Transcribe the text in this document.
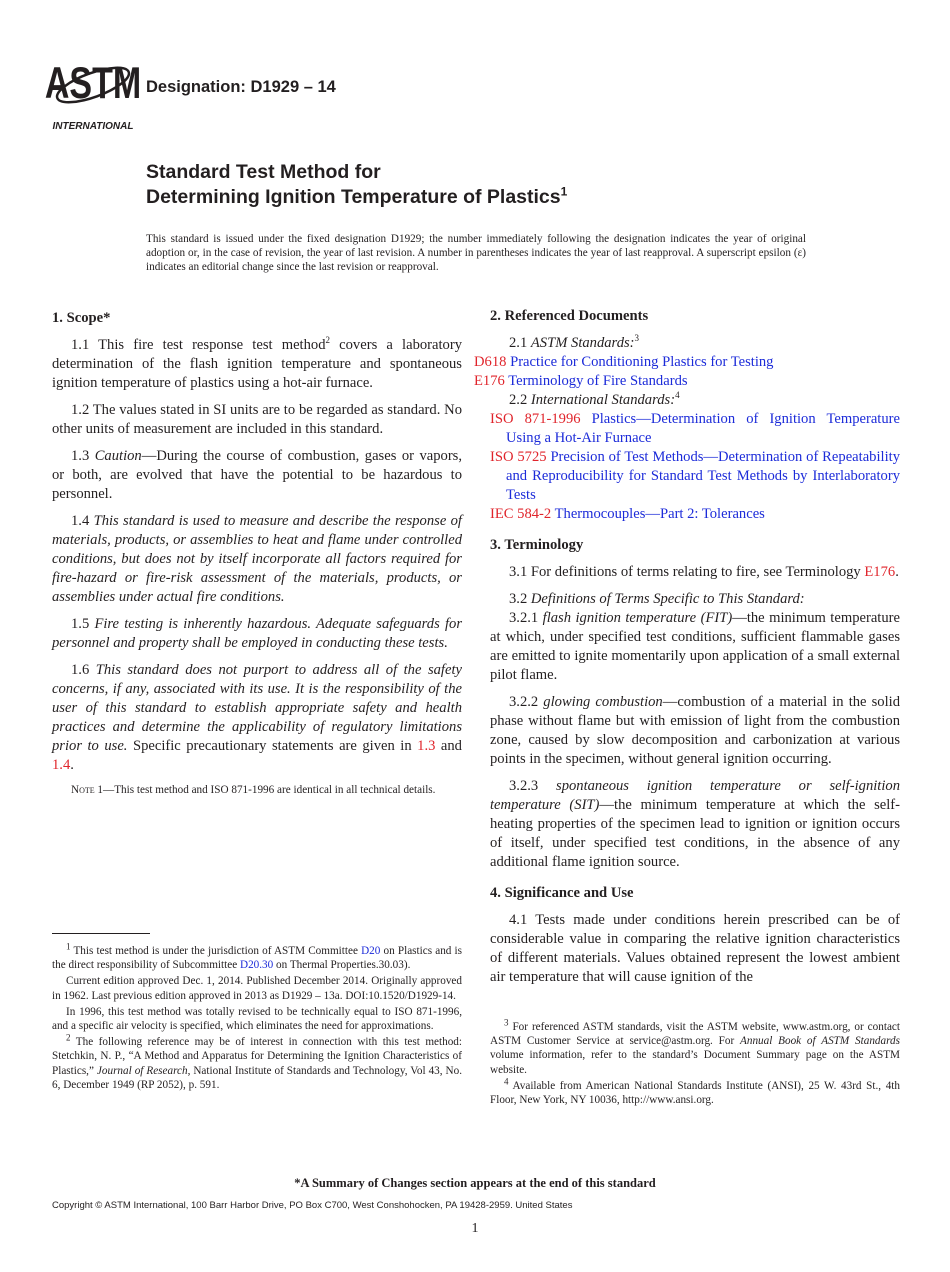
ASTM
INTERNATIONAL
Designation: D1929 – 14
Standard Test Method for
Determining Ignition Temperature of Plastics$^1$
This standard is issued under the fixed designation D1929; the number immediately following the designation indicates the year of original adoption or, in the case of revision, the year of last revision. A number in parentheses indicates the year of last reapproval. A superscript epsilon (ε) indicates an editorial change since the last revision or reapproval.
1. Scope*

1.1 This fire test response test method$^2$ covers a laboratory determination of the flash ignition temperature and spontaneous ignition temperature of plastics using a hot-air furnace.

1.2 The values stated in SI units are to be regarded as standard. No other units of measurement are included in this standard.

1.3 Caution—During the course of combustion, gases or vapors, or both, are evolved that have the potential to be hazardous to personnel.

1.4 This standard is used to measure and describe the response of materials, products, or assemblies to heat and flame under controlled conditions, but does not by itself incorporate all factors required for fire-hazard or fire-risk assessment of the materials, products, or assemblies under actual fire conditions.

1.5 Fire testing is inherently hazardous. Adequate safeguards for personnel and property shall be employed in conducting these tests.

1.6 This standard does not purport to address all of the safety concerns, if any, associated with its use. It is the responsibility of the user of this standard to establish appropriate safety and health practices and determine the applicability of regulatory limitations prior to use. Specific precautionary statements are given in 1.3 and 1.4.

Note 1—This test method and ISO 871-1996 are identical in all technical details.

$^1$ This test method is under the jurisdiction of ASTM Committee D20 on Plastics and is the direct responsibility of Subcommittee D20.30 on Thermal Properties.30.03).

Current edition approved Dec. 1, 2014. Published December 2014. Originally approved in 1962. Last previous edition approved in 2013 as D1929 – 13a. DOI:10.1520/D1929-14.

In 1996, this test method was totally revised to be technically equal to ISO 871-1996, and a specific air velocity is specified, which eliminates the need for approximations.

$^2$ The following reference may be of interest in connection with this test method: Stetchkin, N. P., “A Method and Apparatus for Determining the Ignition Characteristics of Plastics,” Journal of Research, National Institute of Standards and Technology, Vol 43, No. 6, December 1949 (RP 2052), p. 591.

2. Referenced Documents

2.1 ASTM Standards:$^3$

D618 Practice for Conditioning Plastics for Testing
E176 Terminology of Fire Standards

2.2 International Standards:$^4$

ISO 871-1996 Plastics—Determination of Ignition Temperature Using a Hot-Air Furnace

ISO 5725 Precision of Test Methods—Determination of Repeatability and Reproducibility for Standard Test Methods by Interlaboratory Tests

IEC 584-2 Thermocouples—Part 2: Tolerances

3. Terminology

3.1 For definitions of terms relating to fire, see Terminology E176.

3.2 Definitions of Terms Specific to This Standard:

3.2.1 flash ignition temperature (FIT)—the minimum temperature at which, under specified test conditions, sufficient flammable gases are emitted to ignite momentarily upon application of a small external pilot flame.

3.2.2 glowing combustion—combustion of a material in the solid phase without flame but with emission of light from the combustion zone, caused by slow decomposition and carbonization at various points in the specimen, without general ignition occurring.

3.2.3 spontaneous ignition temperature or self-ignition temperature (SIT)—the minimum temperature at which the self-heating properties of the specimen lead to ignition or ignition occurs of itself, under specified test conditions, in the absence of any additional flame ignition source.

4. Significance and Use

4.1 Tests made under conditions herein prescribed can be of considerable value in comparing the relative ignition characteristics of different materials. Values obtained represent the lowest ambient air temperature that will cause ignition of the

$^3$ For referenced ASTM standards, visit the ASTM website, www.astm.org, or contact ASTM Customer Service at service@astm.org. For Annual Book of ASTM Standards volume information, refer to the standard’s Document Summary page on the ASTM website.

$^4$ Available from American National Standards Institute (ANSI), 25 W. 43rd St., 4th Floor, New York, NY 10036, http://www.ansi.org.

*A Summary of Changes section appears at the end of this standard
Copyright © ASTM International, 100 Barr Harbor Drive, PO Box C700, West Conshohocken, PA 19428-2959. United States
1
